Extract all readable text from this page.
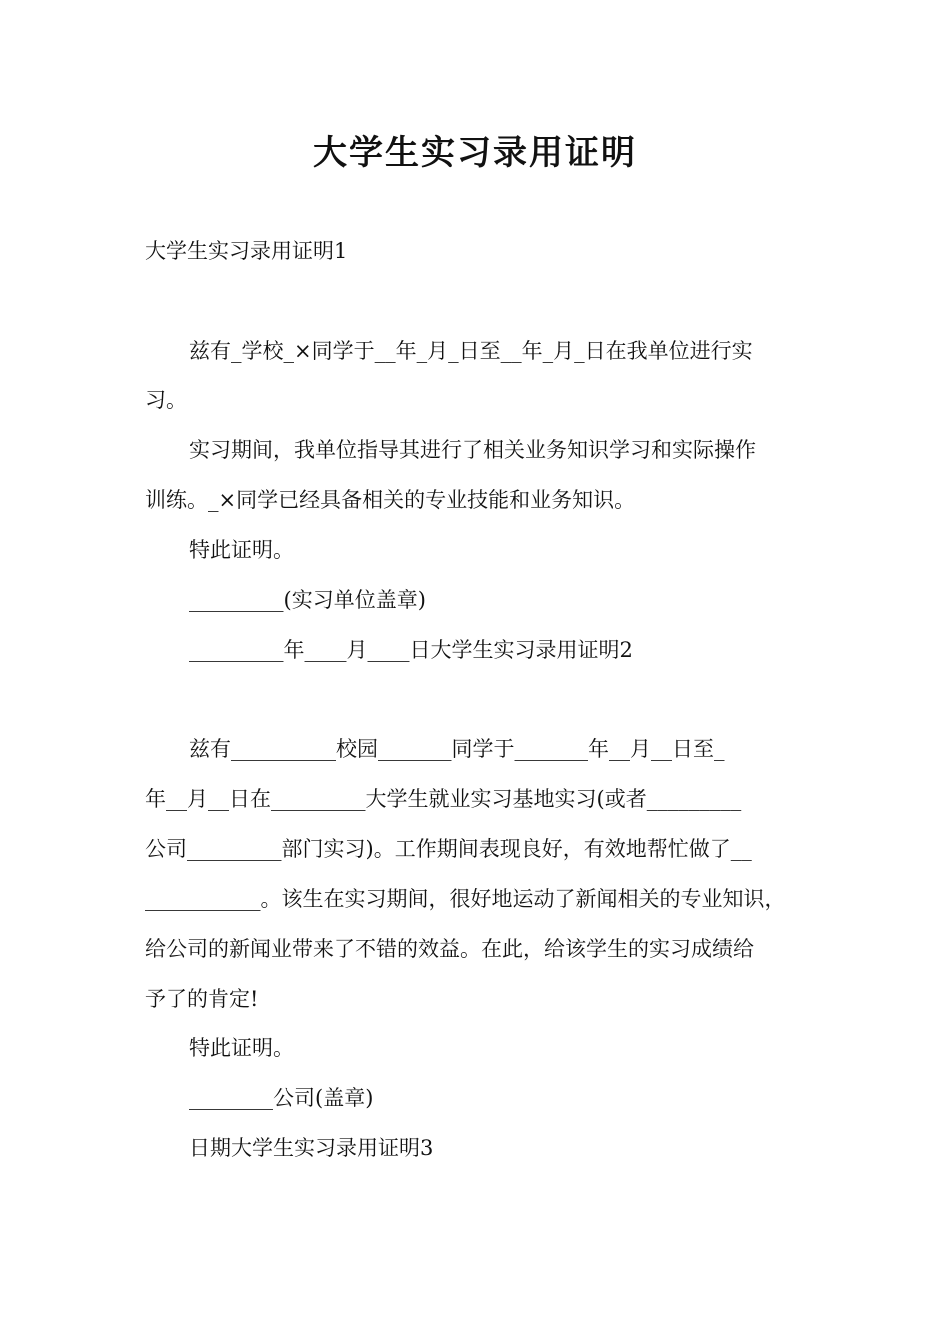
大学生实习录用证明
大学生实习录用证明1
兹有_学校_×同学于__年_月_日至__年_月_日在我单位进行实
习。
实习期间，我单位指导其进行了相关业务知识学习和实际操作
训练。_×同学已经具备相关的专业技能和业务知识。
特此证明。
_________(实习单位盖章)
_________年____月____日大学生实习录用证明2
兹有__________校园_______同学于_______年__月__日至_
年__月__日在_________大学生就业实习基地实习(或者_________
公司_________部门实习)。工作期间表现良好，有效地帮忙做了__
___________。该生在实习期间，很好地运动了新闻相关的专业知识，
给公司的新闻业带来了不错的效益。在此，给该学生的实习成绩给
予了的肯定!
特此证明。
________公司(盖章)
日期大学生实习录用证明3
